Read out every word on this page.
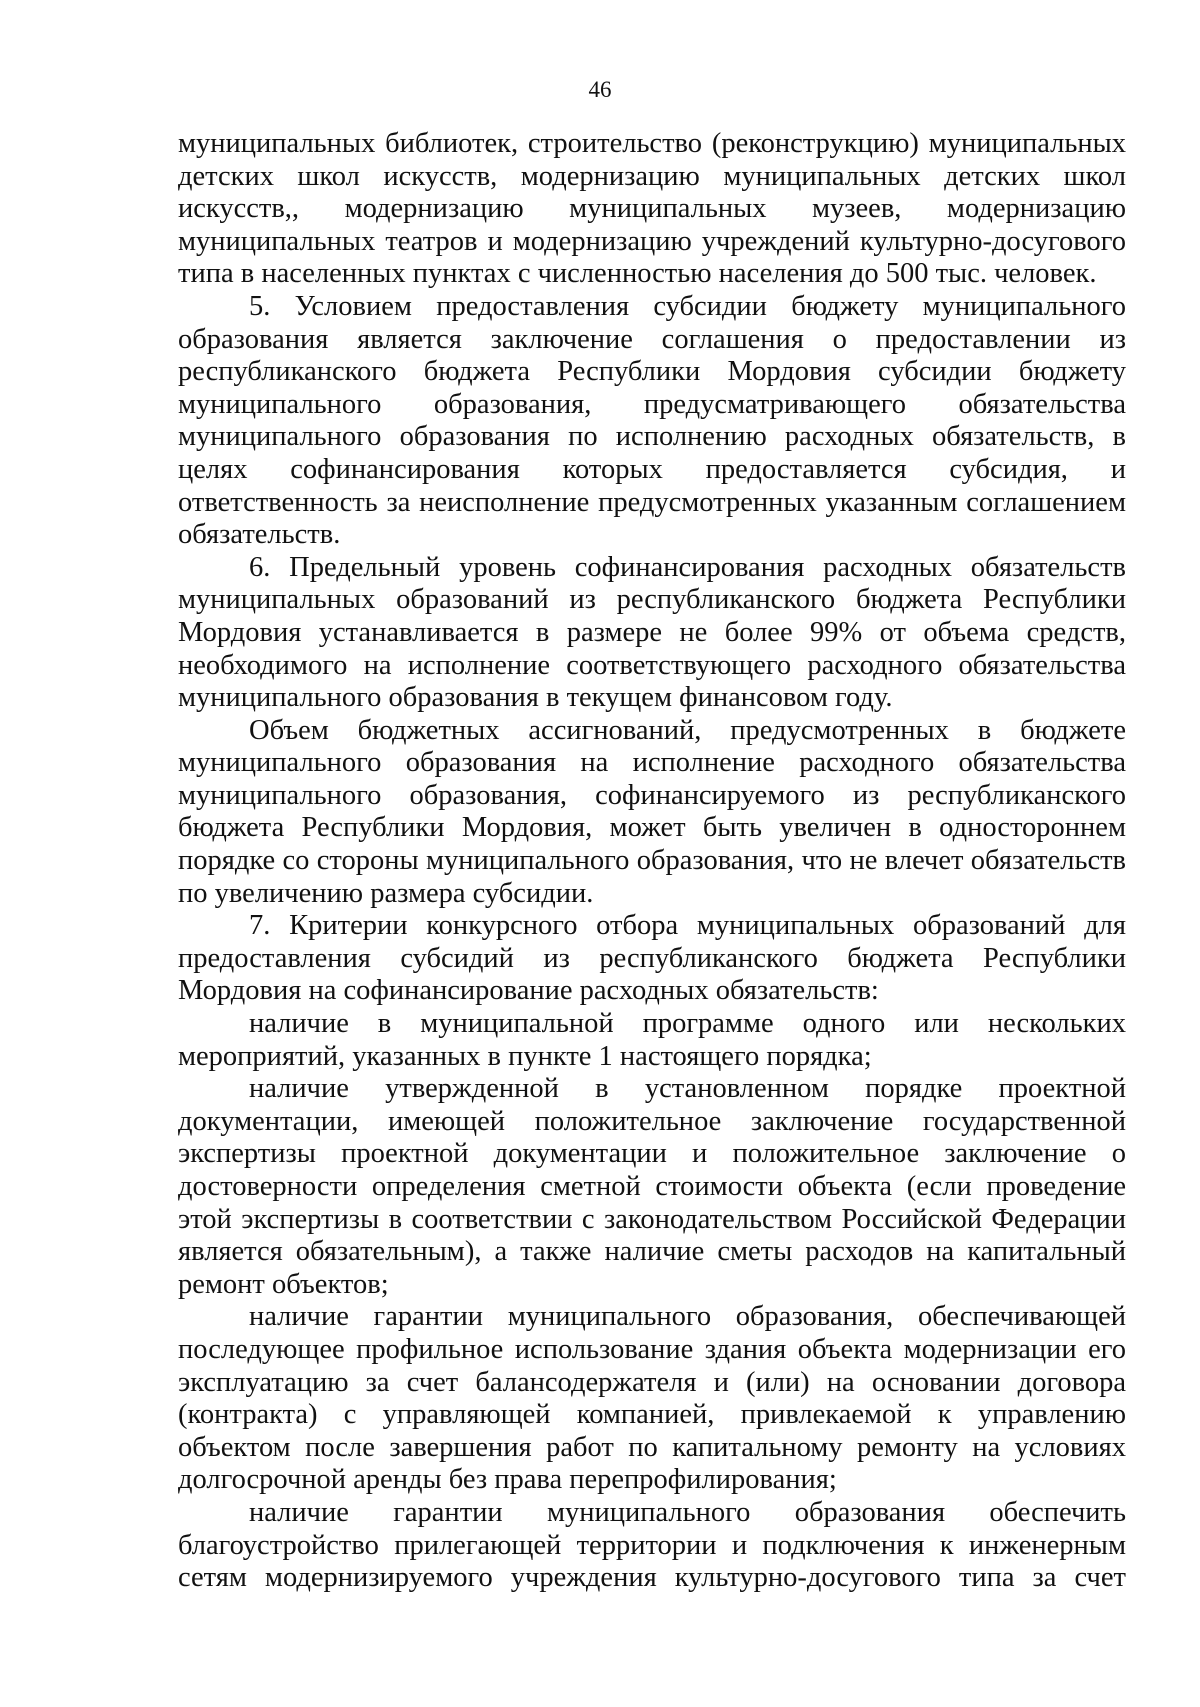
46

муниципальных библиотек, строительство (реконструкцию) муниципальных детских школ искусств, модернизацию муниципальных детских школ искусств,, модернизацию муниципальных музеев, модернизацию муниципальных театров и модернизацию учреждений культурно-досугового типа в населенных пунктах с численностью населения до 500 тыс. человек.

5. Условием предоставления субсидии бюджету муниципального образования является заключение соглашения о предоставлении из республиканского бюджета Республики Мордовия субсидии бюджету муниципального образования, предусматривающего обязательства муниципального образования по исполнению расходных обязательств, в целях софинансирования которых предоставляется субсидия, и ответственность за неисполнение предусмотренных указанным соглашением обязательств.

6. Предельный уровень софинансирования расходных обязательств муниципальных образований из республиканского бюджета Республики Мордовия устанавливается в размере не более 99% от объема средств, необходимого на исполнение соответствующего расходного обязательства муниципального образования в текущем финансовом году.

Объем бюджетных ассигнований, предусмотренных в бюджете муниципального образования на исполнение расходного обязательства муниципального образования, софинансируемого из республиканского бюджета Республики Мордовия, может быть увеличен в одностороннем порядке со стороны муниципального образования, что не влечет обязательств по увеличению размера субсидии.

7. Критерии конкурсного отбора муниципальных образований для предоставления субсидий из республиканского бюджета Республики Мордовия на софинансирование расходных обязательств:

наличие в муниципальной программе одного или нескольких мероприятий, указанных в пункте 1 настоящего порядка;

наличие утвержденной в установленном порядке проектной документации, имеющей положительное заключение государственной экспертизы проектной документации и положительное заключение о достоверности определения сметной стоимости объекта (если проведение этой экспертизы в соответствии с законодательством Российской Федерации является обязательным), а также наличие сметы расходов на капитальный ремонт объектов;

наличие гарантии муниципального образования, обеспечивающей последующее профильное использование здания объекта модернизации его эксплуатацию за счет балансодержателя и (или) на основании договора (контракта) с управляющей компанией, привлекаемой к управлению объектом после завершения работ по капитальному ремонту на условиях долгосрочной аренды без права перепрофилирования;

наличие гарантии муниципального образования обеспечить благоустройство прилегающей территории и подключения к инженерным сетям модернизируемого учреждения культурно-досугового типа за счет
